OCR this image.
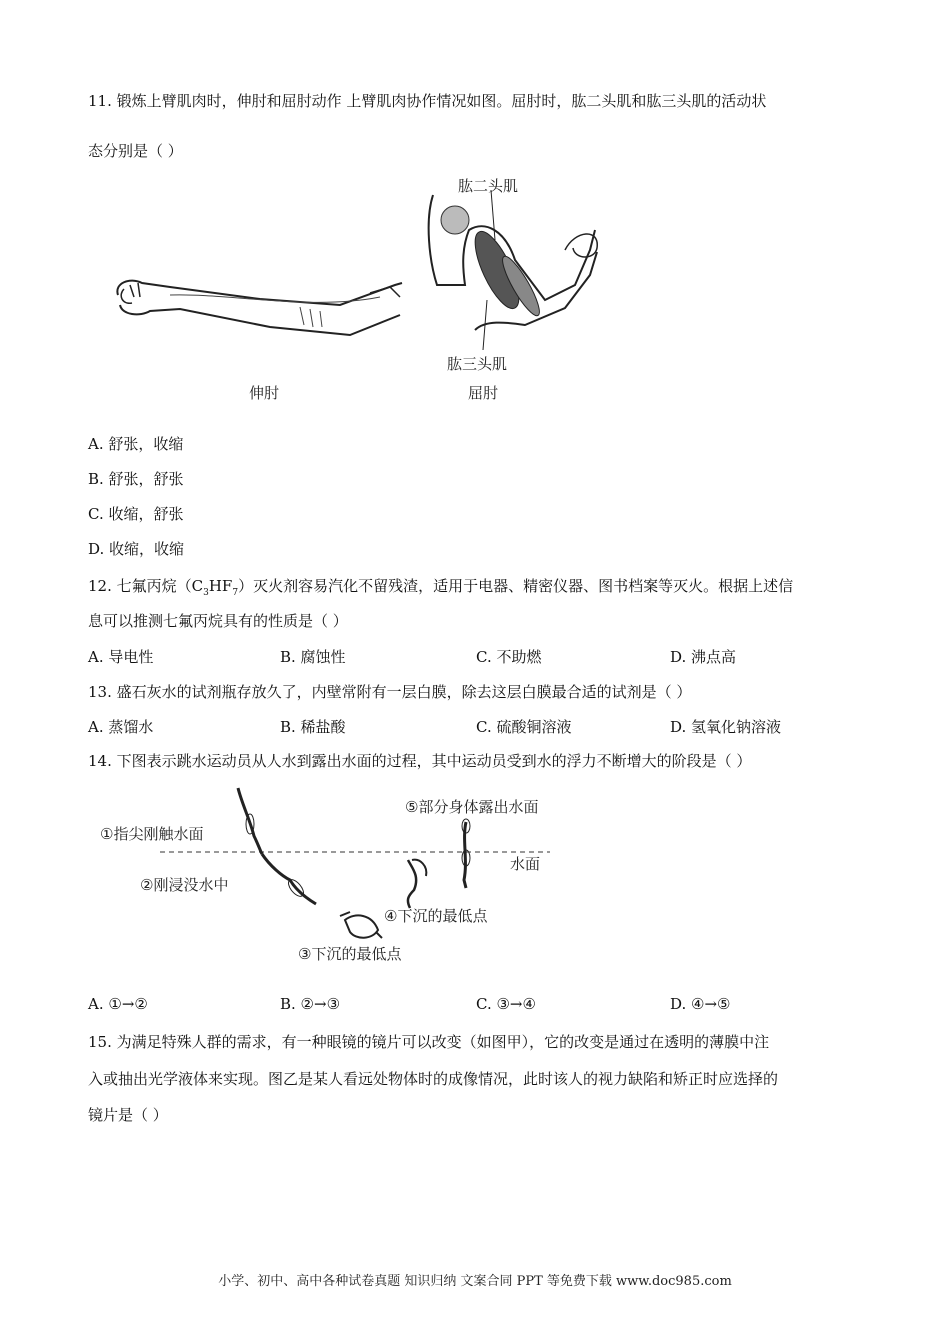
11. 锻炼上臂肌肉时，伸肘和屈肘动作 上臂肌肉协作情况如图。屈肘时，肱二头肌和肱三头肌的活动状
态分别是（ ）
伸肘
肱二头肌
肱三头肌
屈肘
A. 舒张，收缩
B. 舒张，舒张
C. 收缩，舒张
D. 收缩，收缩
12. 七氟丙烷$(C_3HF_7)$灭火剂容易汽化不留残渣，适用于电器、精密仪器、图书档案等灭火。根据上述信
息可以推测七氟丙烷具有的性质是（ ）
A. 导电性	B. 腐蚀性	C. 不助燃	D. 沸点高
13. 盛石灰水的试剂瓶存放久了，内壁常附有一层白膜，除去这层白膜最合适的试剂是（ ）
A. 蒸馏水	B. 稀盐酸	C. 硫酸铜溶液	D. 氢氧化钠溶液
14. 下图表示跳水运动员从人水到露出水面的过程，其中运动员受到水的浮力不断增大的阶段是（ ）
①指尖刚触水面
②刚浸没水中
③下沉的最低点
④下沉的最低点
⑤部分身体露出水面
水面
A. ①→②	B. ②→③	C. ③→④	D. ④→⑤
15. 为满足特殊人群的需求，有一种眼镜的镜片可以改变（如图甲），它的改变是通过在透明的薄膜中注
入或抽出光学液体来实现。图乙是某人看远处物体时的成像情况，此时该人的视力缺陷和矫正时应选择的
镜片是（ ）
小学、初中、高中各种试卷真题 知识归纳 文案合同 PPT 等免费下载 www.doc985.com
